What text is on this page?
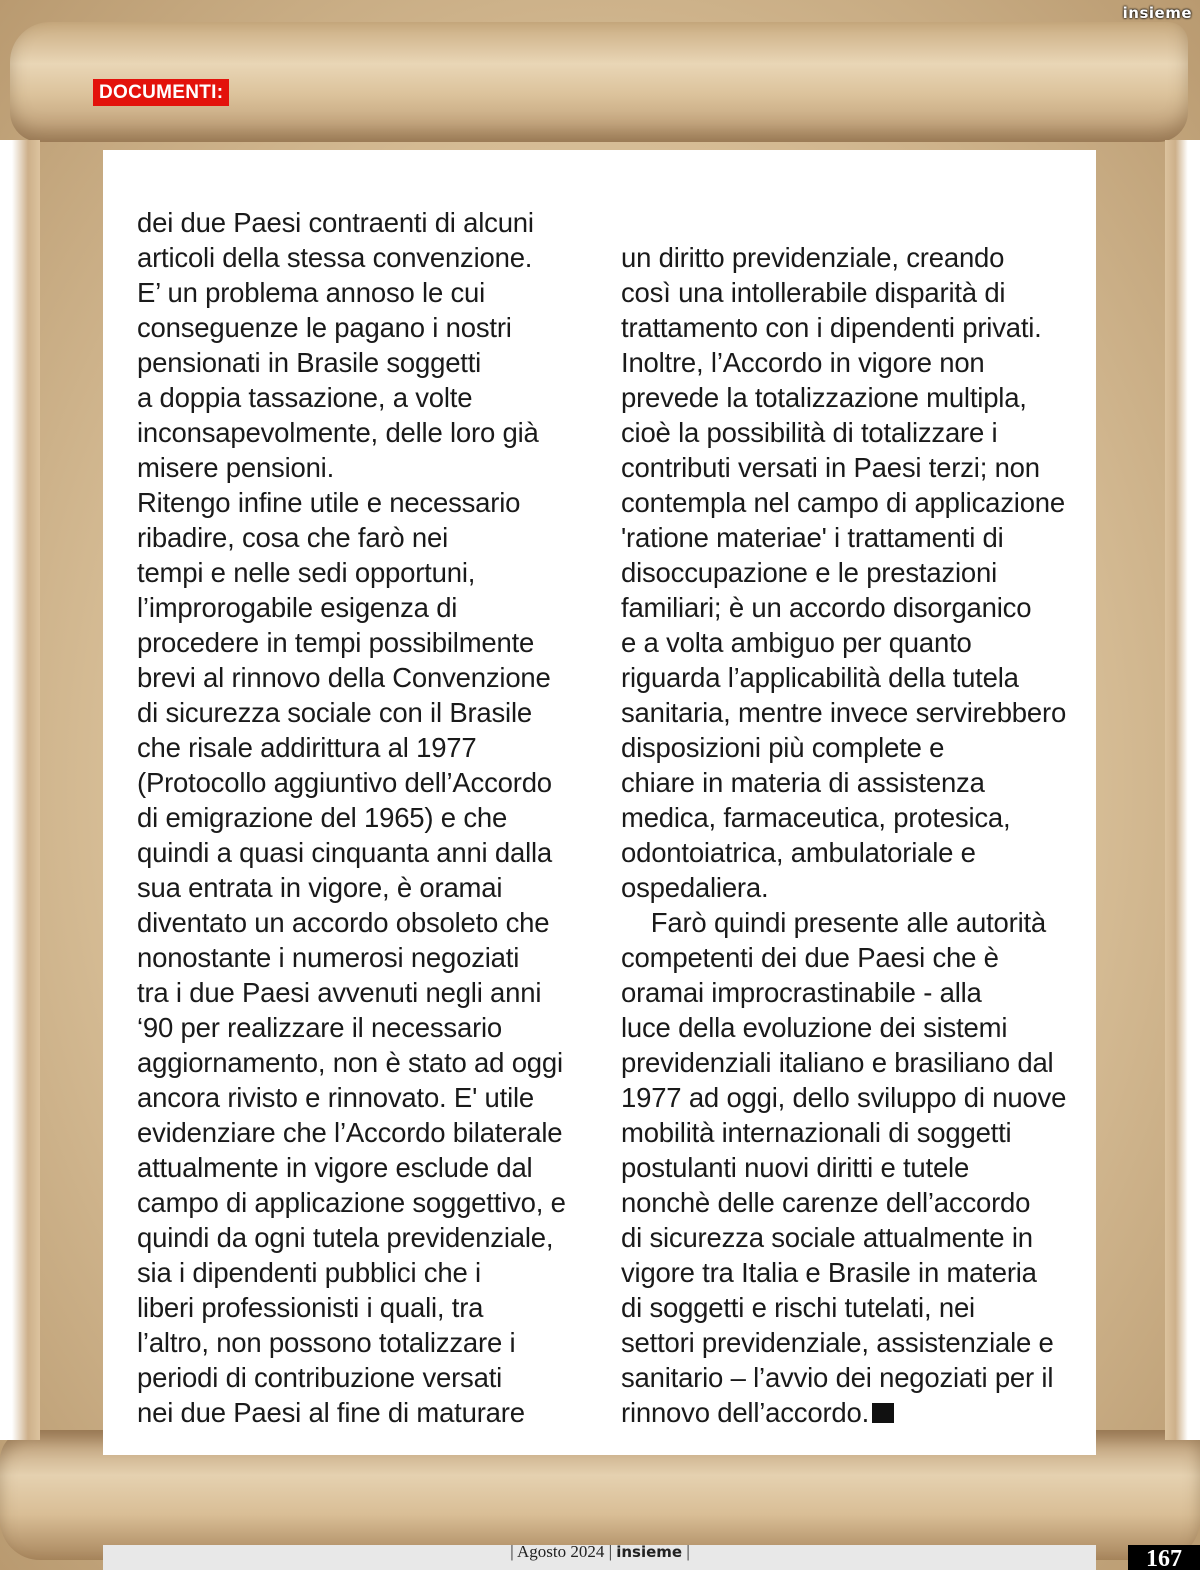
insieme
DOCUMENTI:
dei due Paesi contraenti di alcuni
articoli della stessa convenzione.
E’ un problema annoso le cui
conseguenze le pagano i nostri
pensionati in Brasile soggetti
a doppia tassazione, a volte
inconsapevolmente, delle loro già
misere pensioni.
Ritengo infine utile e necessario
ribadire, cosa che farò nei
tempi e nelle sedi opportuni,
l’improrogabile esigenza di
procedere in tempi possibilmente
brevi al rinnovo della Convenzione
di sicurezza sociale con il Brasile
che risale addirittura al 1977
(Protocollo aggiuntivo dell’Accordo
di emigrazione del 1965) e che
quindi a quasi cinquanta anni dalla
sua entrata in vigore, è oramai
diventato un accordo obsoleto che
nonostante i numerosi negoziati
tra i due Paesi avvenuti negli anni
‘90 per realizzare il necessario
aggiornamento, non è stato ad oggi
ancora rivisto e rinnovato. E' utile
evidenziare che l’Accordo bilaterale
attualmente in vigore esclude dal
campo di applicazione soggettivo, e
quindi da ogni tutela previdenziale,
sia i dipendenti pubblici che i
liberi professionisti i quali, tra
l’altro, non possono totalizzare i
periodi di contribuzione versati
nei due Paesi al fine di maturare
un diritto previdenziale, creando
così una intollerabile disparità di
trattamento con i dipendenti privati.
Inoltre, l’Accordo in vigore non
prevede la totalizzazione multipla,
cioè la possibilità di totalizzare i
contributi versati in Paesi terzi; non
contempla nel campo di applicazione
'ratione materiae' i trattamenti di
disoccupazione e le prestazioni
familiari; è un accordo disorganico
e a volta ambiguo per quanto
riguarda l’applicabilità della tutela
sanitaria, mentre invece servirebbero
disposizioni più complete e
chiare in materia di assistenza
medica, farmaceutica, protesica,
odontoiatrica, ambulatoriale e
ospedaliera.
Farò quindi presente alle autorità
competenti dei due Paesi che è
oramai improcrastinabile - alla
luce della evoluzione dei sistemi
previdenziali italiano e brasiliano dal
1977 ad oggi, dello sviluppo di nuove
mobilità internazionali di soggetti
postulanti nuovi diritti e tutele
nonchè delle carenze dell’accordo
di sicurezza sociale attualmente in
vigore tra Italia e Brasile in materia
di soggetti e rischi tutelati, nei
settori previdenziale, assistenziale e
sanitario – l’avvio dei negoziati per il
rinnovo dell’accordo.
| Agosto 2024 | insieme |	167
